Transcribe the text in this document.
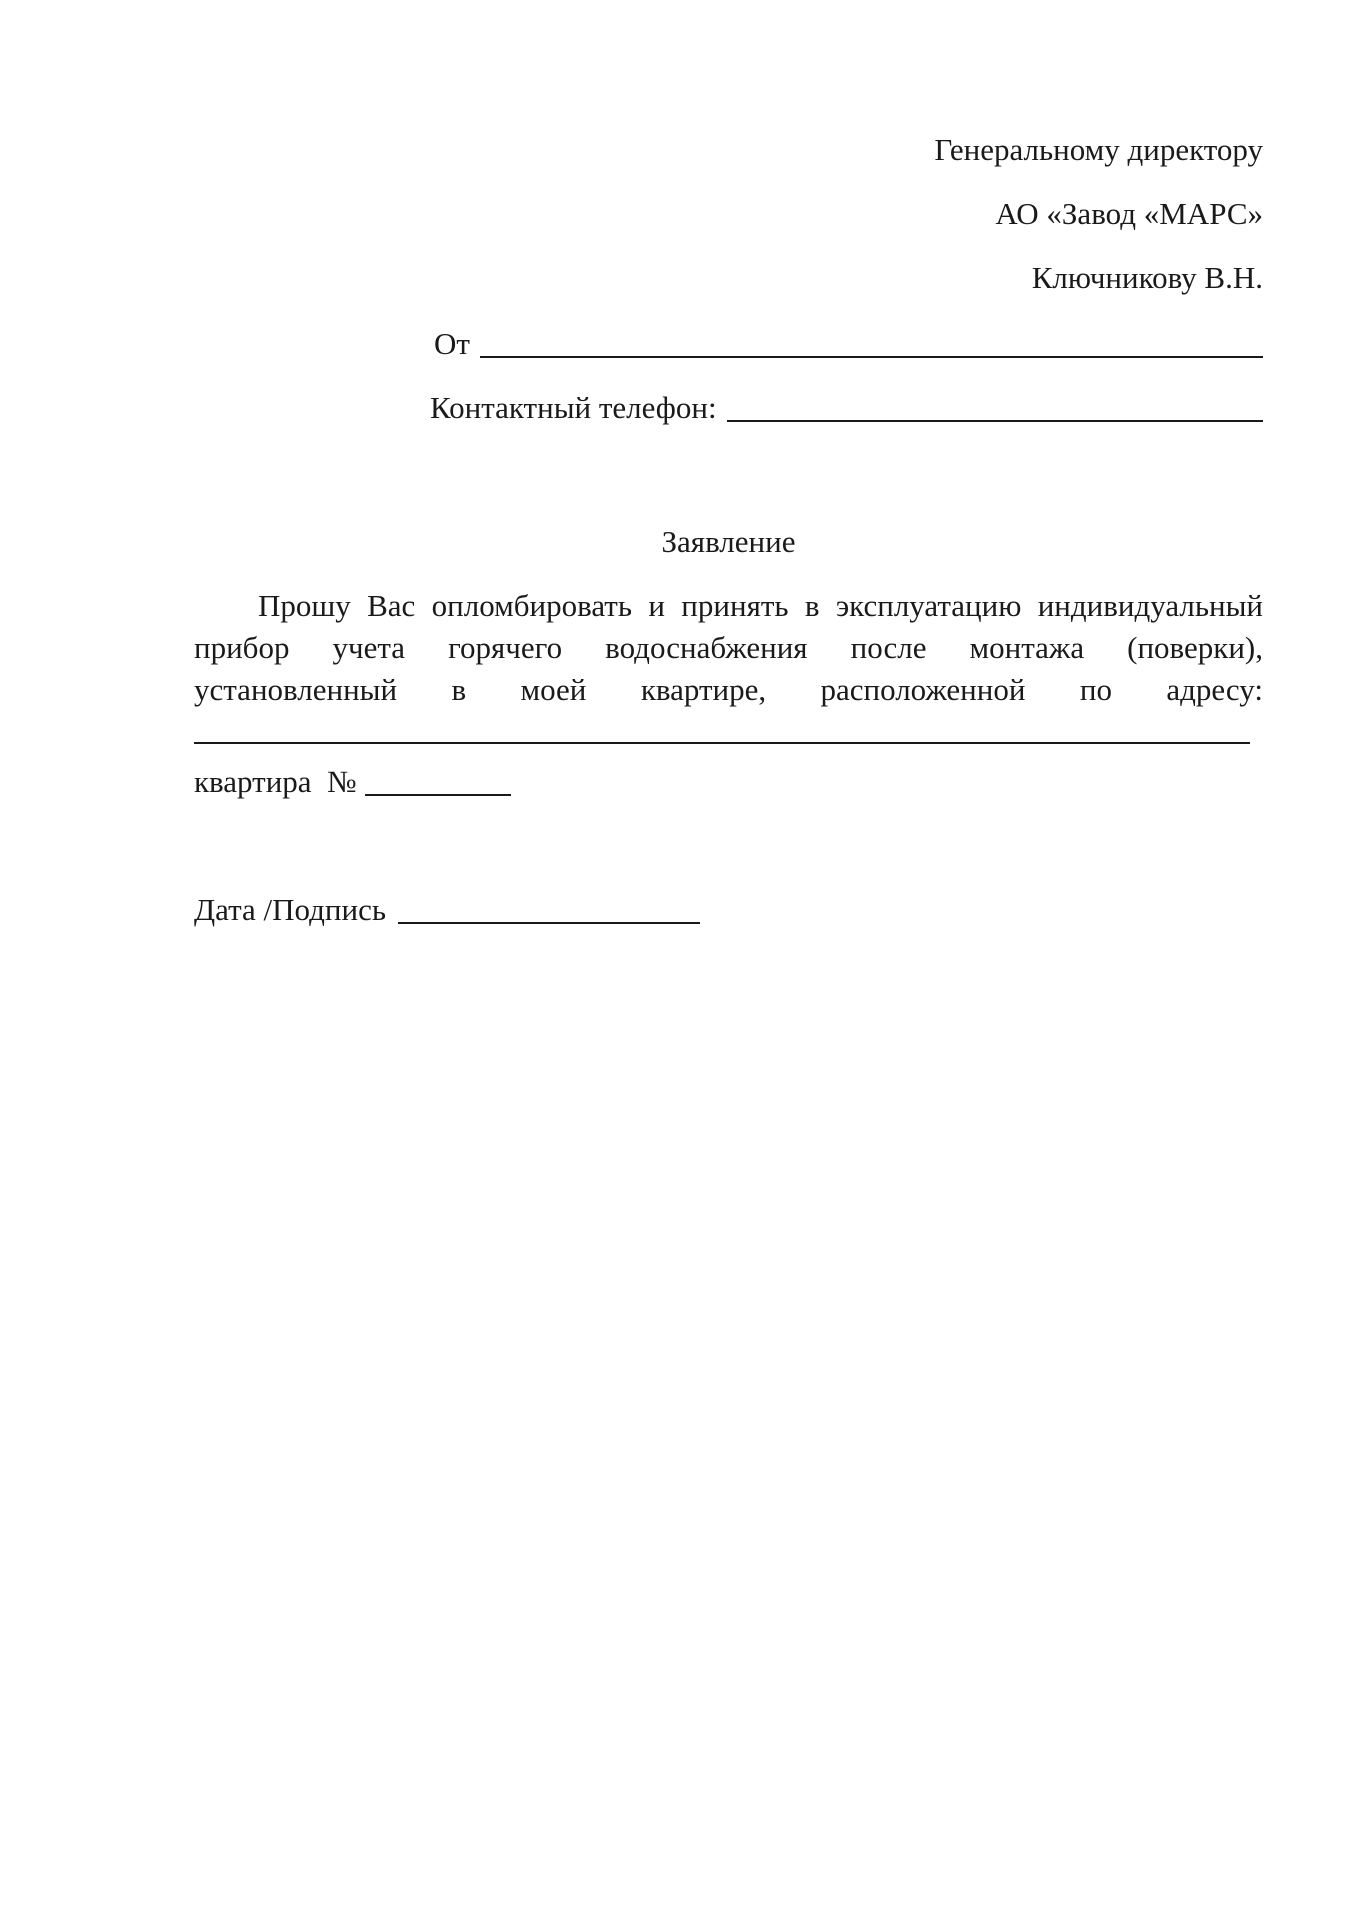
Генеральному директору
АО «Завод «МАРС»
Ключникову В.Н.
От
Контактный телефон:
Заявление
Прошу Вас опломбировать и принять в эксплуатацию индивидуальный
прибор учета горячего водоснабжения после монтажа (поверки),
установленный в моей квартире, расположенной по адресу:
квартира  №
Дата /Подпись
